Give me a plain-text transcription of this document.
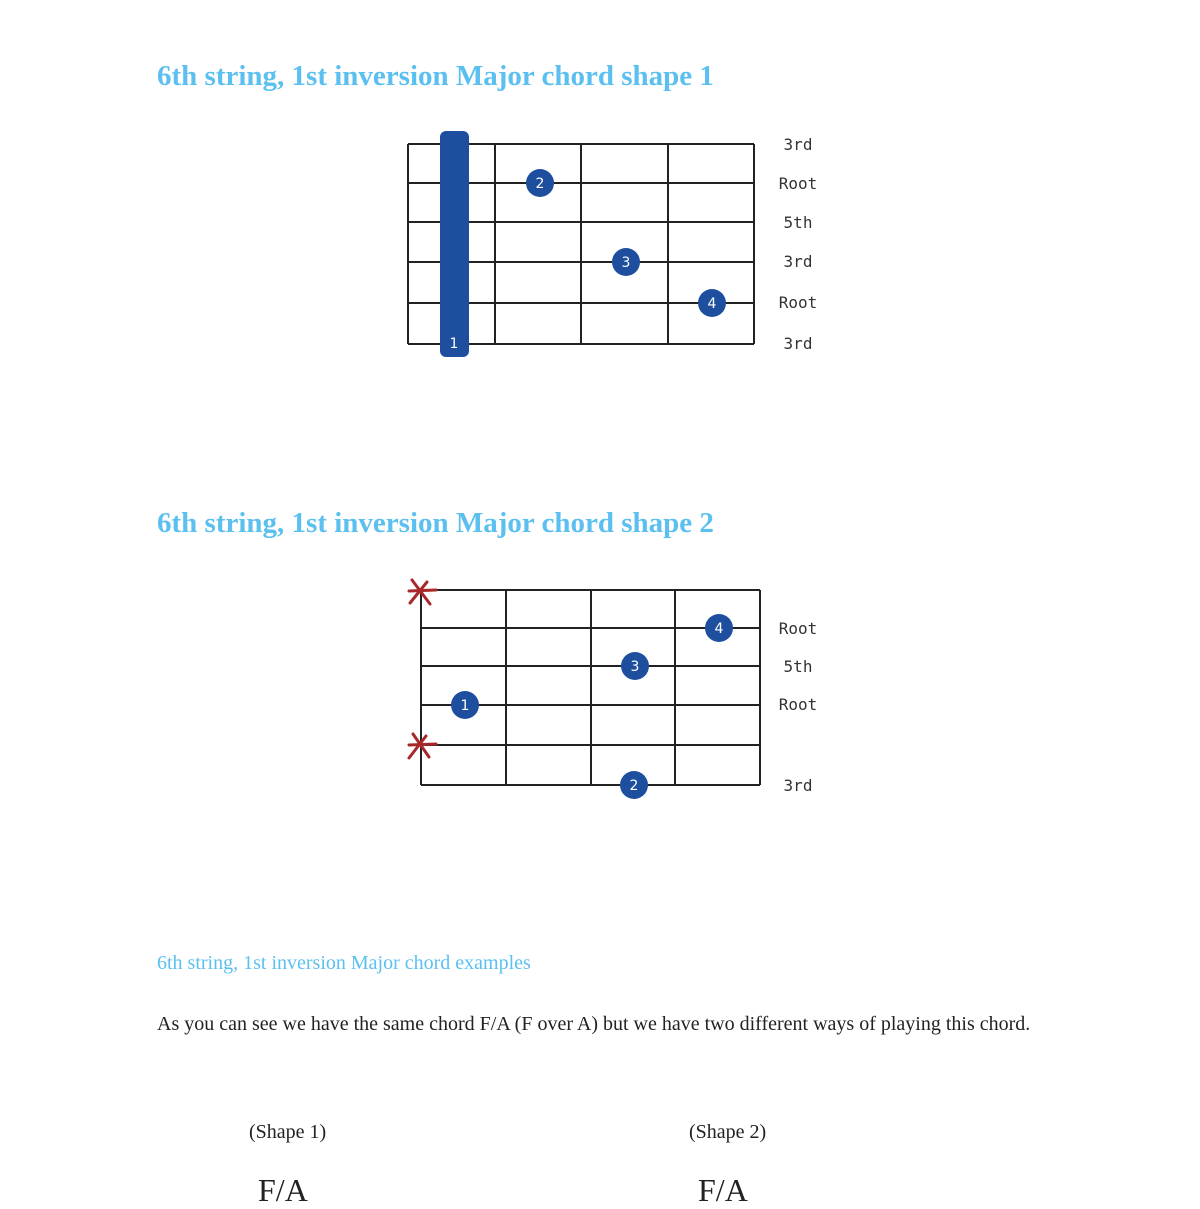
6th string, 1st inversion Major chord shape 1
1
2
3
4
3rd
Root
5th
3rd
Root
3rd
6th string, 1st inversion Major chord shape 2
4
3
1
2
Root
5th
Root
3rd
6th string, 1st inversion Major chord examples

As you can see we have the same chord F/A (F over A) but we have two different ways of playing this chord.

(Shape 1)	(Shape 2)
F/A	F/A
